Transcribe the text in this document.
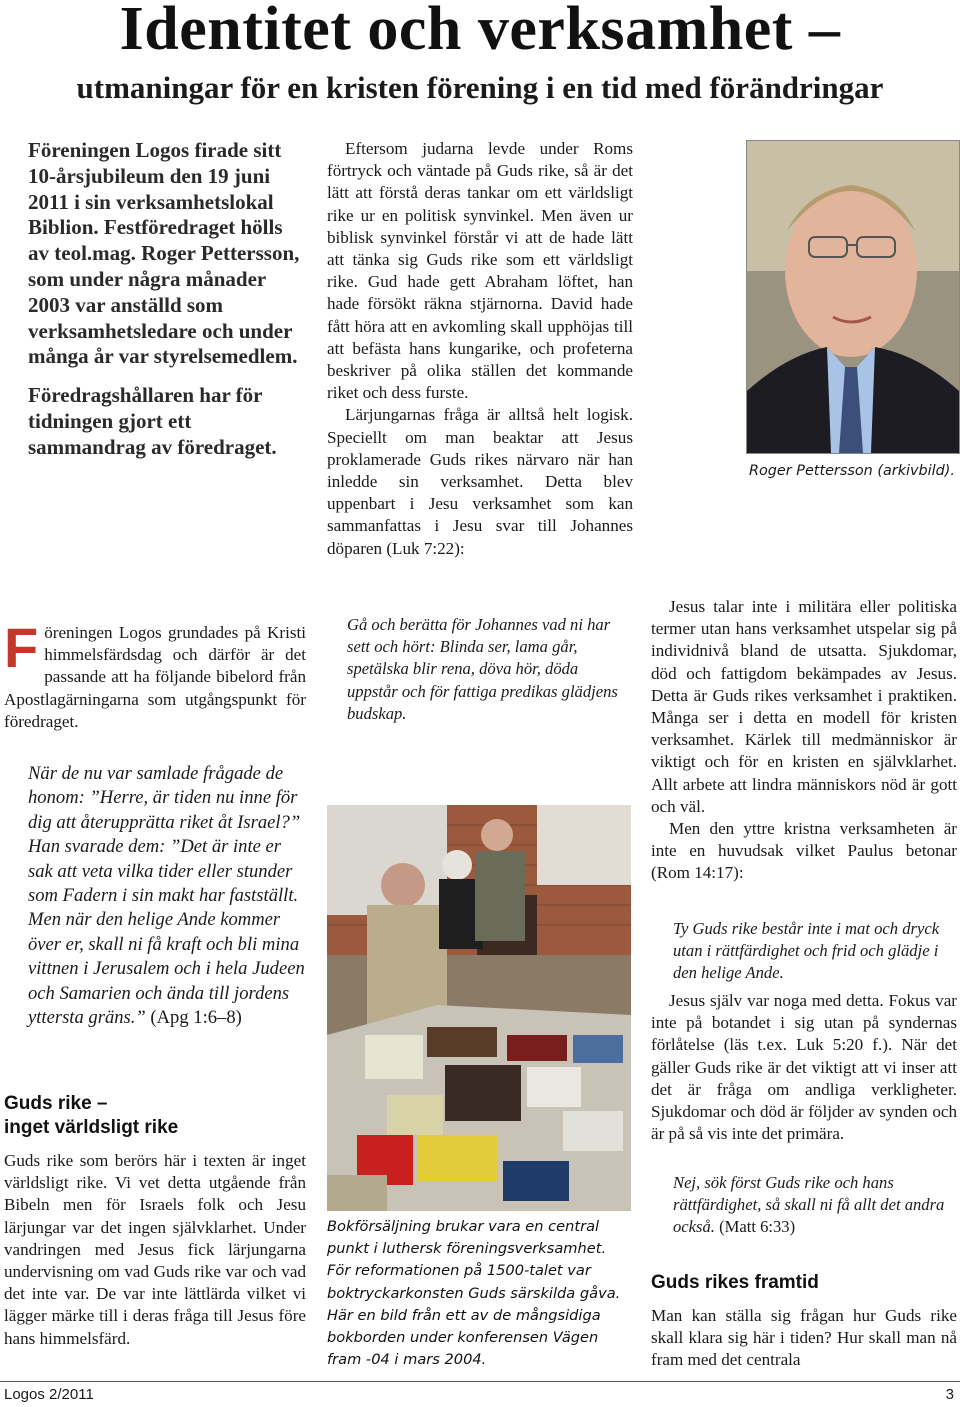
Identitet och verksamhet –
utmaningar för en kristen förening i en tid med förändringar

Föreningen Logos firade sitt 10-årsjubileum den 19 juni 2011 i sin verksamhetslokal Biblion. Festföredraget hölls av teol.mag. Roger Pettersson, som under några månader 2003 var anställd som verksamhetsledare och under många år var styrelsemedlem.

Föredragshållaren har för tidningen gjort ett sammandrag av föredraget.

Föreningen Logos grundades på Kristi himmelsfärdsdag och därför är det passande att ha följande bibelord från Apostlagärningarna som utgångspunkt för föredraget.

När de nu var samlade frågade de honom: ”Herre, är tiden nu inne för dig att återupprätta riket åt Israel?” Han svarade dem: ”Det är inte er sak att veta vilka tider eller stunder som Fadern i sin makt har fastställt. Men när den helige Ande kommer över er, skall ni få kraft och bli mina vittnen i Jerusalem och i hela Judeen och Samarien och ända till jordens yttersta gräns.” (Apg 1:6–8)
Guds rike –
inget världsligt rike

Guds rike som berörs här i texten är inget världsligt rike. Vi vet detta utgående från Bibeln men för Israels folk och Jesu lärjungar var det ingen självklarhet. Under vandringen med Jesus fick lärjungarna undervisning om vad Guds rike var och vad det inte var. De var inte lättlärda vilket vi lägger märke till i deras fråga till Jesus före hans himmelsfärd.

Eftersom judarna levde under Roms förtryck och väntade på Guds rike, så är det lätt att förstå deras tankar om ett världsligt rike ur en politisk synvinkel. Men även ur biblisk synvinkel förstår vi att de hade lätt att tänka sig Guds rike som ett världsligt rike. Gud hade gett Abraham löftet, han hade försökt räkna stjärnorna. David hade fått höra att en avkomling skall upphöjas till att befästa hans kungarike, och profeterna beskriver på olika ställen det kommande riket och dess furste.

Lärjungarnas fråga är alltså helt logisk. Speciellt om man beaktar att Jesus proklamerade Guds rikes närvaro när han inledde sin verksamhet. Detta blev uppenbart i Jesu verksamhet som kan sammanfattas i Jesu svar till Johannes döparen (Luk 7:22):

Gå och berätta för Johannes vad ni har sett och hört: Blinda ser, lama går, spetälska blir rena, döva hör, döda uppstår och för fattiga predikas glädjens budskap.
Bokförsäljning brukar vara en central punkt i luthersk föreningsverksamhet. För reformationen på 1500-talet var boktryckarkonsten Guds särskilda gåva. Här en bild från ett av de mångsidiga bokborden under konferensen Vägen fram -04 i mars 2004.
Roger Pettersson (arkivbild).

Jesus talar inte i militära eller politiska termer utan hans verksamhet utspelar sig på individnivå bland de utsatta. Sjukdomar, död och fattigdom bekämpades av Jesus. Detta är Guds rikes verksamhet i praktiken. Många ser i detta en modell för kristen verksamhet. Kärlek till medmänniskor är viktigt och för en kristen en självklarhet. Allt arbete att lindra människors nöd är gott och väl.

Men den yttre kristna verksamheten är inte en huvudsak vilket Paulus betonar (Rom 14:17):

Ty Guds rike består inte i mat och dryck utan i rättfärdighet och frid och glädje i den helige Ande.

Jesus själv var noga med detta. Fokus var inte på botandet i sig utan på syndernas förlåtelse (läs t.ex. Luk 5:20 f.). När det gäller Guds rike är det viktigt att vi inser att det är fråga om andliga verkligheter. Sjukdomar och död är följder av synden och är på så vis inte det primära.

Nej, sök först Guds rike och hans rättfärdighet, så skall ni få allt det andra också. (Matt 6:33)
Guds rikes framtid

Man kan ställa sig frågan hur Guds rike skall klara sig här i tiden? Hur skall man nå fram med det centrala

Logos 2/2011	3
